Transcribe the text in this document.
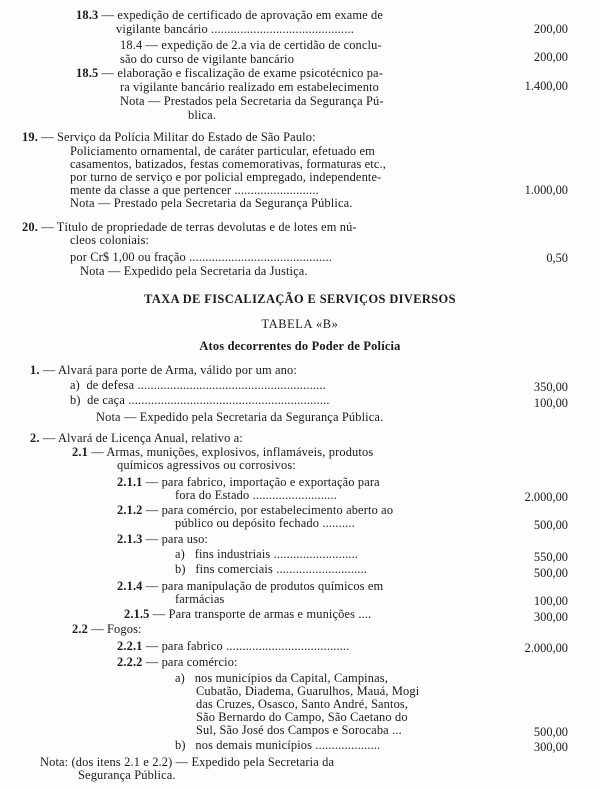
18.3 — expedição de certificado de aprovação em exame de
vigilante bancário ............................................	200,00
18.4 — expedição de 2.a via de certidão de conclu-
são do curso de vigilante bancário	200,00
18.5 — elaboração e fiscalização de exame psicotécnico pa-
ra vigilante bancário realizado em estabelecimento	1.400,00
Nota — Prestados pela Secretaria da Segurança Pú-
blica.
19. — Serviço da Polícia Militar do Estado de São Paulo:
Policiamento ornamental, de caráter particular, efetuado em
casamentos, batizados, festas comemorativas, formaturas etc.,
por turno de serviço e por policial empregado, independente-
mente da classe a que pertencer ..........................	1.000,00
Nota — Prestado pela Secretaria da Segurança Pública.
20. — Título de propriedade de terras devolutas e de lotes em nú-
cleos coloniais:
por Cr$ 1,00 ou fração ............................................	0,50
Nota — Expedido pela Secretaria da Justiça.
TAXA DE FISCALIZAÇÃO E SERVIÇOS DIVERSOS
TABELA «B»
Atos decorrentes do Poder de Polícia
1. — Alvará para porte de Arma, válido por um ano:
a) de defesa ..........................................................	350,00
b) de caça ..............................................................	100,00
Nota — Expedido pela Secretaria da Segurança Pública.
2. — Alvará de Licença Anual, relativo a:
2.1 — Armas, munições, explosivos, inflamáveis, produtos
químicos agressivos ou corrosivos:
2.1.1 — para fabrico, importação e exportação para
fora do Estado ..........................	2.000,00
2.1.2 — para comércio, por estabelecimento aberto ao
público ou depósito fechado ..........	500,00
2.1.3 — para uso:
a) fins industriais ..........................	550,00
b) fins comerciais ............................	500,00
2.1.4 — para manipulação de produtos químicos em
farmácias	100,00
2.1.5 — Para transporte de armas e munições ....	300,00
2.2 — Fogos:
2.2.1 — para fabrico ......................................	2.000,00
2.2.2 — para comércio:
a) nos municípios da Capital, Campinas,
Cubatão, Diadema, Guarulhos, Mauá, Mogi
das Cruzes, Osasco, Santo André, Santos,
São Bernardo do Campo, São Caetano do
Sul, São José dos Campos e Sorocaba ...	500,00
b) nos demais municípios ....................	300,00
Nota: (dos itens 2.1 e 2.2) — Expedido pela Secretaria da
Segurança Pública.
